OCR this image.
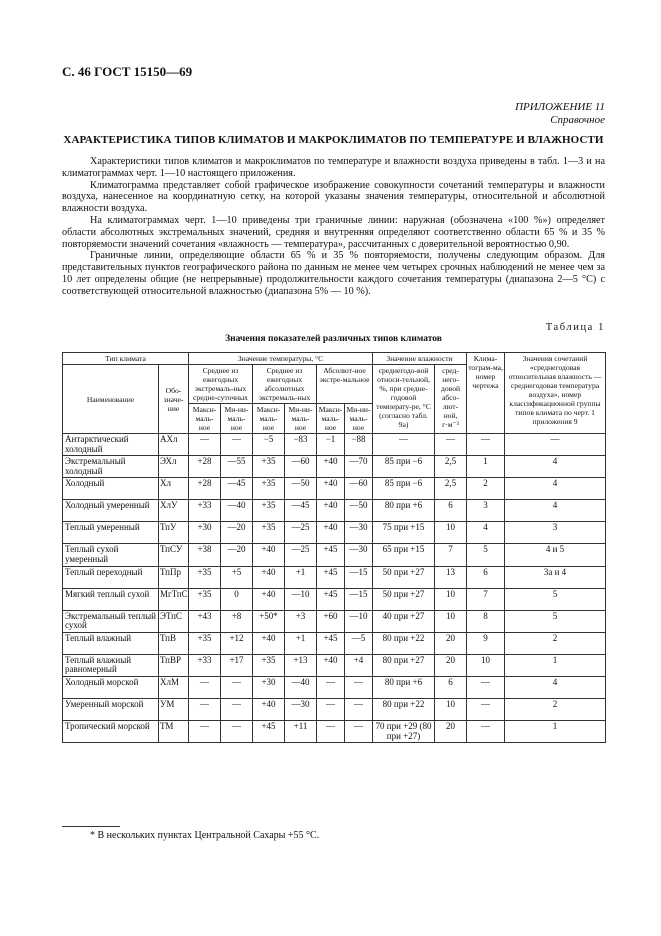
С. 46 ГОСТ 15150—69
ПРИЛОЖЕНИЕ 11
Справочное
ХАРАКТЕРИСТИКА ТИПОВ КЛИМАТОВ И МАКРОКЛИМАТОВ ПО ТЕМПЕРАТУРЕ И ВЛАЖНОСТИ

Характеристики типов климатов и макроклиматов по температуре и влажности воздуха приведены в табл. 1—3 и на климатограммах черт. 1—10 настоящего приложения.

Климатограмма представляет собой графическое изображение совокупности сочетаний температуры и влажности воздуха, нанесенное на координатную сетку, на которой указаны значения температуры, относительной и абсолютной влажности воздуха.

На климатограммах черт. 1—10 приведены три граничные линии: наружная (обозначена «100 %») определяет области абсолютных экстремальных значений, средняя и внутренняя определяют соответственно области 65 % и 35 % повторяемости значений сочетания «влажность — температура», рассчитанных с доверительной вероятностью 0,90.

Граничные линии, определяющие области 65 % и 35 % повторяемости, получены следующим образом. Для представительных пунктов географического района по данным не менее чем четырех срочных наблюдений не менее чем за 10 лет определены общие (не непрерывные) продолжительности каждого сочетания температуры (диапазона 2—5 °С) с соответствующей относительной влажностью (диапазона 5% — 10 %).

Таблица 1
Значения показателей различных типов климатов
Тип климата		Значение температуры, °С						Значение влажности		Клима-тограм-ма, номер чертежа	Значения сочетаний «среднегодовая относительная влажность — среднегодовая температура воздуха», номер классификационной группы типов климата по черт. 1 приложения 9
Наименование	Обо-значе-ние	Среднее из ежегодных экстремаль-ных средне-суточных		Среднее из ежегодных абсолютных экстремаль-ных		Абсолют-ное экстре-мальное		среднегодо-вой относи-тельной, %, при средне-годовой температу-ре, °С (согласно табл. 9а)	сред-него-довой абсо-лют-ной, г·м⁻³		
		Макси-маль-ное	Ми-ни-маль-ное	Макси-маль-ное	Ми-ни-маль-ное	Макси-маль-ное	Ми-ни-маль-ное				
Антарктический холодный	АХл	—	—	−5	−83	−1	−88	—	—	—	—
Экстремальный холодный	ЭХл	+28	—55	+35	—60	+40	—70	85 при −6	2,5	1	4
Холодный	Хл	+28	—45	+35	—50	+40	—60	85 при −6	2,5	2	4
Холодный умеренный	ХлУ	+33	—40	+35	—45	+40	—50	80 при +6	6	3	4
Теплый умеренный	ТпУ	+30	—20	+35	—25	+40	—30	75 при +15	10	4	3
Теплый сухой умеренный	ТпСУ	+38	—20	+40	—25	+45	—30	65 при +15	7	5	4 и 5
Теплый переходный	ТпПр	+35	+5	+40	+1	+45	—15	50 при +27	13	6	3а и 4
Мягкий теплый сухой	МгТпС	+35	0	+40	—10	+45	—15	50 при +27	10	7	5
Экстремальный теплый сухой	ЭТпС	+43	+8	+50*	+3	+60	—10	40 при +27	10	8	5
Теплый влажный	ТпВ	+35	+12	+40	+1	+45	—5	80 при +22	20	9	2
Теплый влажный равномерный	ТпВР	+33	+17	+35	+13	+40	+4	80 при +27	20	10	1
Холодный морской	ХлМ	—	—	+30	—40	—	—	80 при +6	6	—	4
Умеренный морской	УМ	—	—	+40	—30	—	—	80 при +22	10	—	2
Тропический морской	ТМ	—	—	+45	+11	—	—	70 при +29 (80 при +27)	20	—	1
* В нескольких пунктах Центральной Сахары +55 °С.
